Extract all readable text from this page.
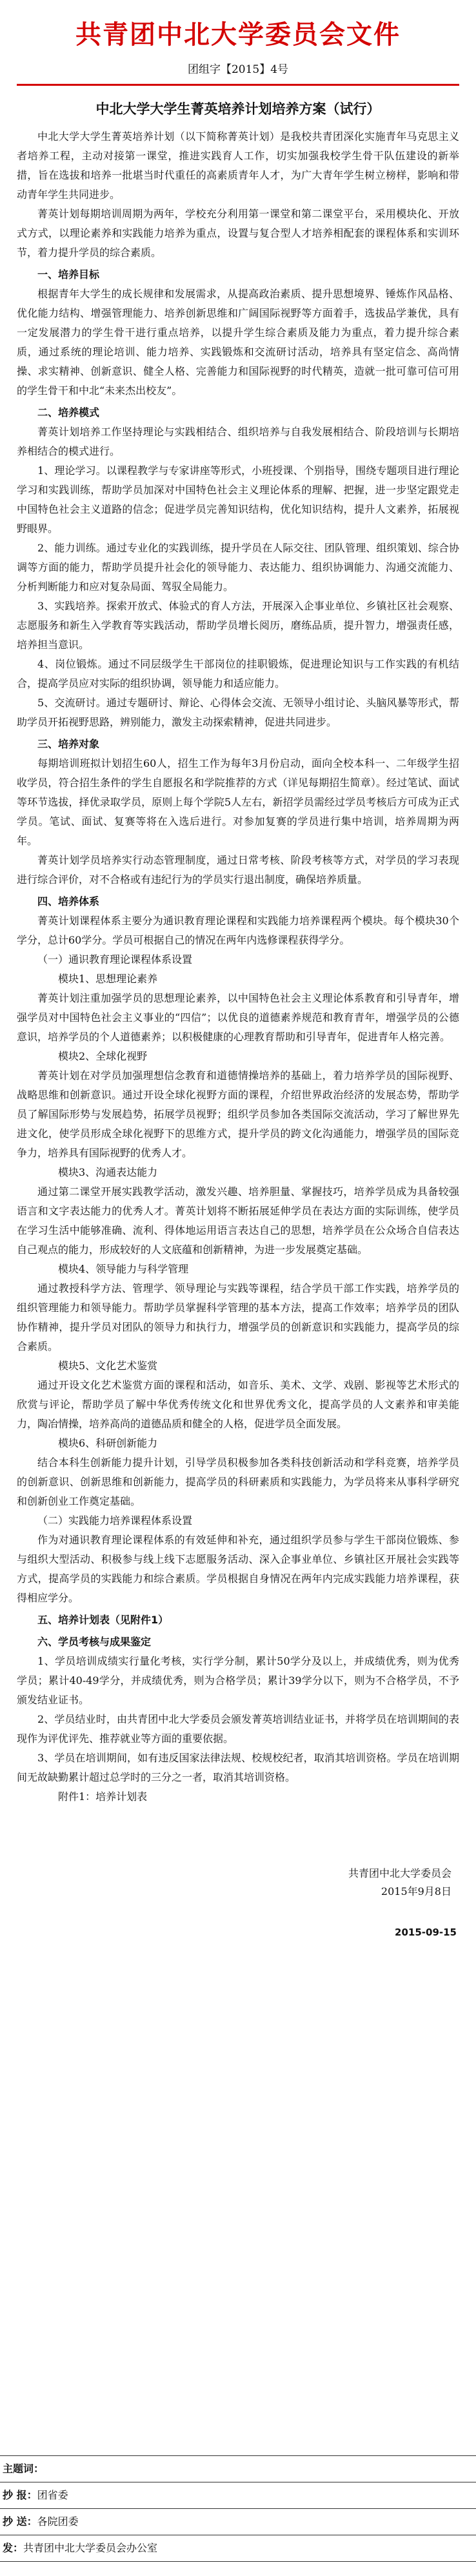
共青团中北大学委员会文件
团组字【2015】4号
中北大学大学生菁英培养计划培养方案（试行）

中北大学大学生菁英培养计划（以下简称菁英计划）是我校共青团深化实施青年马克思主义者培养工程，主动对接第一课堂，推进实践育人工作，切实加强我校学生骨干队伍建设的新举措，旨在选拔和培养一批堪当时代重任的高素质青年人才，为广大青年学生树立榜样，影响和带动青年学生共同进步。

菁英计划每期培训周期为两年，学校充分利用第一课堂和第二课堂平台，采用模块化、开放式方式，以理论素养和实践能力培养为重点，设置与复合型人才培养相配套的课程体系和实训环节，着力提升学员的综合素质。

一、培养目标

根据青年大学生的成长规律和发展需求，从提高政治素质、提升思想境界、锤炼作风品格、优化能力结构、增强管理能力、培养创新思维和广阔国际视野等方面着手，选拔品学兼优，具有一定发展潜力的学生骨干进行重点培养，以提升学生综合素质及能力为重点，着力提升综合素质，通过系统的理论培训、能力培养、实践锻炼和交流研讨活动，培养具有坚定信念、高尚情操、求实精神、创新意识、健全人格、完善能力和国际视野的时代精英，造就一批可靠可信可用的学生骨干和中北“未来杰出校友”。

二、培养模式

菁英计划培养工作坚持理论与实践相结合、组织培养与自我发展相结合、阶段培训与长期培养相结合的模式进行。

1、理论学习。以课程教学与专家讲座等形式，小班授课、个别指导，围绕专题项目进行理论学习和实践训练，帮助学员加深对中国特色社会主义理论体系的理解、把握，进一步坚定跟党走中国特色社会主义道路的信念；促进学员完善知识结构，优化知识结构，提升人文素养，拓展视野眼界。

2、能力训练。通过专业化的实践训练，提升学员在人际交往、团队管理、组织策划、综合协调等方面的能力，帮助学员提升社会化的领导能力、表达能力、组织协调能力、沟通交流能力、分析判断能力和应对复杂局面、驾驭全局能力。

3、实践培养。探索开放式、体验式的育人方法，开展深入企事业单位、乡镇社区社会观察、志愿服务和新生入学教育等实践活动，帮助学员增长阅历，磨练品质，提升智力，增强责任感，培养担当意识。

4、岗位锻炼。通过不同层级学生干部岗位的挂职锻炼，促进理论知识与工作实践的有机结合，提高学员应对实际的组织协调，领导能力和适应能力。

5、交流研讨。通过专题研讨、辩论、心得体会交流、无领导小组讨论、头脑风暴等形式，帮助学员开拓视野思路，辨别能力，激发主动探索精神，促进共同进步。

三、培养对象

每期培训班拟计划招生60人，招生工作为每年3月份启动，面向全校本科一、二年级学生招收学员，符合招生条件的学生自愿报名和学院推荐的方式（详见每期招生简章）。经过笔试、面试等环节选拔，择优录取学员，原则上每个学院5人左右，新招学员需经过学员考核后方可成为正式学员。笔试、面试、复赛等将在入选后进行。对参加复赛的学员进行集中培训，培养周期为两年。

菁英计划学员培养实行动态管理制度，通过日常考核、阶段考核等方式，对学员的学习表现进行综合评价，对不合格或有违纪行为的学员实行退出制度，确保培养质量。

四、培养体系

菁英计划课程体系主要分为通识教育理论课程和实践能力培养课程两个模块。每个模块30个学分，总计60学分。学员可根据自己的情况在两年内选修课程获得学分。

（一）通识教育理论课程体系设置

模块1、思想理论素养

菁英计划注重加强学员的思想理论素养，以中国特色社会主义理论体系教育和引导青年，增强学员对中国特色社会主义事业的“四信”；以优良的道德素养规范和教育青年，增强学员的公德意识，培养学员的个人道德素养；以积极健康的心理教育帮助和引导青年，促进青年人格完善。

模块2、全球化视野

菁英计划在对学员加强理想信念教育和道德情操培养的基础上，着力培养学员的国际视野、战略思维和创新意识。通过开设全球化视野方面的课程，介绍世界政治经济的发展态势，帮助学员了解国际形势与发展趋势，拓展学员视野；组织学员参加各类国际交流活动，学习了解世界先进文化，使学员形成全球化视野下的思维方式，提升学员的跨文化沟通能力，增强学员的国际竞争力，培养具有国际视野的优秀人才。

模块3、沟通表达能力

通过第二课堂开展实践教学活动，激发兴趣、培养胆量、掌握技巧，培养学员成为具备较强语言和文字表达能力的优秀人才。菁英计划将不断拓展延伸学员在表达方面的实际训练，使学员在学习生活中能够准确、流利、得体地运用语言表达自己的思想，培养学员在公众场合自信表达自己观点的能力，形成较好的人文底蕴和创新精神，为进一步发展奠定基础。

模块4、领导能力与科学管理

通过教授科学方法、管理学、领导理论与实践等课程，结合学员干部工作实践，培养学员的组织管理能力和领导能力。帮助学员掌握科学管理的基本方法，提高工作效率；培养学员的团队协作精神，提升学员对团队的领导力和执行力，增强学员的创新意识和实践能力，提高学员的综合素质。

模块5、文化艺术鉴赏

通过开设文化艺术鉴赏方面的课程和活动，如音乐、美术、文学、戏剧、影视等艺术形式的欣赏与评论，帮助学员了解中华优秀传统文化和世界优秀文化，提高学员的人文素养和审美能力，陶冶情操，培养高尚的道德品质和健全的人格，促进学员全面发展。

模块6、科研创新能力

结合本科生创新能力提升计划，引导学员积极参加各类科技创新活动和学科竞赛，培养学员的创新意识、创新思维和创新能力，提高学员的科研素质和实践能力，为学员将来从事科学研究和创新创业工作奠定基础。

（二）实践能力培养课程体系设置

作为对通识教育理论课程体系的有效延伸和补充，通过组织学员参与学生干部岗位锻炼、参与组织大型活动、积极参与线上线下志愿服务活动、深入企事业单位、乡镇社区开展社会实践等方式，提高学员的实践能力和综合素质。学员根据自身情况在两年内完成实践能力培养课程，获得相应学分。

五、培养计划表（见附件1）

六、学员考核与成果鉴定

1、学员培训成绩实行量化考核，实行学分制，累计50学分及以上，并成绩优秀，则为优秀学员；累计40-49学分，并成绩优秀，则为合格学员；累计39学分以下，则为不合格学员，不予颁发结业证书。

2、学员结业时，由共青团中北大学委员会颁发菁英培训结业证书，并将学员在培训期间的表现作为评优评先、推荐就业等方面的重要依据。

3、学员在培训期间，如有违反国家法律法规、校规校纪者，取消其培训资格。学员在培训期间无故缺勤累计超过总学时的三分之一者，取消其培训资格。

附件1：培养计划表

共青团中北大学委员会

2015年9月8日

2015-09-15

主题词：
抄 报：团省委
抄 送：各院团委
发：共青团中北大学委员会办公室
